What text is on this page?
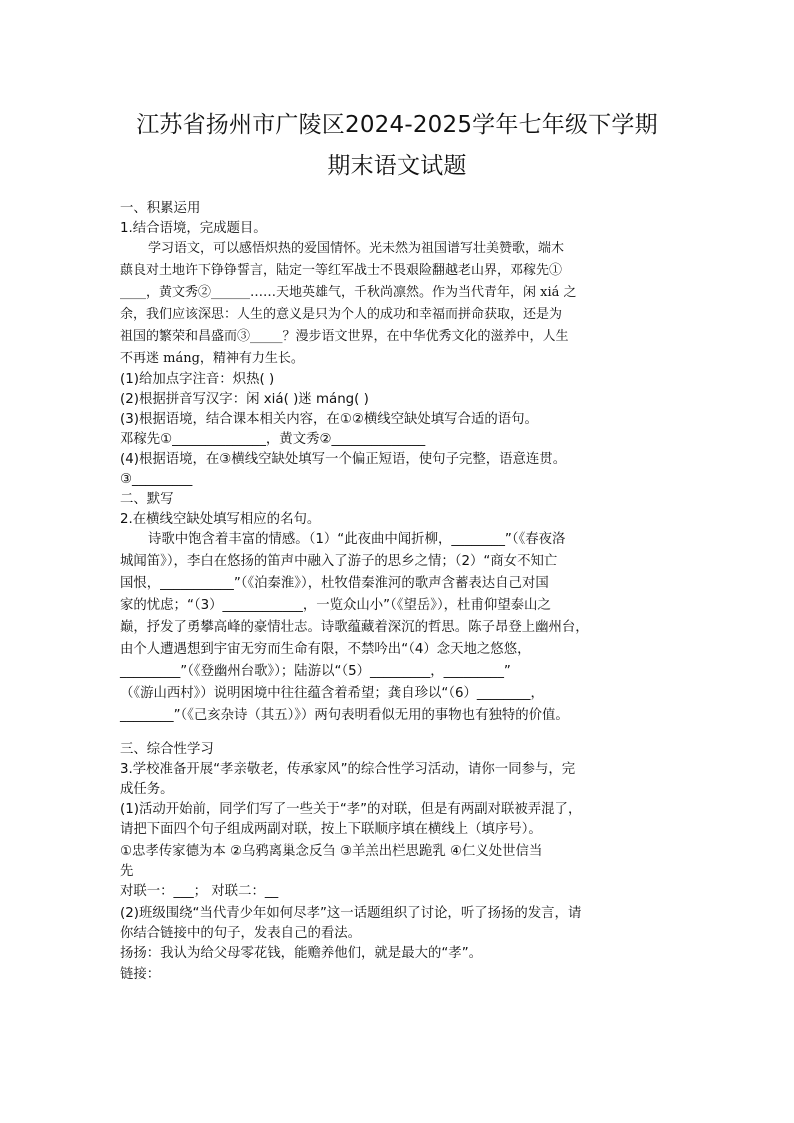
江苏省扬州市广陵区2024-2025学年七年级下学期
期末语文试题
一、积累运用
1.结合语境，完成题目。
学习语文，可以感悟炽热的爱国情怀。光未然为祖国谱写壮美赞歌，端木
蕻良对土地许下铮铮誓言，陆定一等红军战士不畏艰险翻越老山界，邓稼先①
____，黄文秀②______……天地英雄气，千秋尚凛然。作为当代青年，闲 xiá 之
余，我们应该深思：人生的意义是只为个人的成功和幸福而拼命获取，还是为
祖国的繁荣和昌盛而③_____？漫步语文世界，在中华优秀文化的滋养中，人生
不再迷 máng，精神有力生长。
(1)给加点字注音：炽热( )
(2)根据拼音写汉字：闲 xiá( )迷 máng( )
(3)根据语境，结合课本相关内容，在①②横线空缺处填写合适的语句。
邓稼先①______________，黄文秀②______________
(4)根据语境，在③横线空缺处填写一个偏正短语，使句子完整，语意连贯。
③_________
二、默写
2.在横线空缺处填写相应的名句。
诗歌中饱含着丰富的情感。（1）“此夜曲中闻折柳，________”（《春夜洛
城闻笛》），李白在悠扬的笛声中融入了游子的思乡之情；（2）“商女不知亡
国恨，___________”（《泊秦淮》），杜牧借秦淮河的歌声含蓄表达自己对国
家的忧虑；“（3）____________，一览众山小”（《望岳》），杜甫仰望泰山之
巅，抒发了勇攀高峰的豪情壮志。诗歌蕴藏着深沉的哲思。陈子昂登上幽州台，
由个人遭遇想到宇宙无穷而生命有限，不禁吟出“（4）念天地之悠悠，
_________”（《登幽州台歌》）；陆游以“（5）_________，_________”
（《游山西村》）说明困境中往往蕴含着希望；龚自珍以“（6）________，
________”（《己亥杂诗（其五）》）两句表明看似无用的事物也有独特的价值。
三、综合性学习
3.学校准备开展“孝亲敬老，传承家风”的综合性学习活动，请你一同参与，完
成任务。
(1)活动开始前，同学们写了一些关于“孝”的对联，但是有两副对联被弄混了，
请把下面四个句子组成两副对联，按上下联顺序填在横线上（填序号）。
①忠孝传家德为本 ②乌鸦离巢念反刍 ③羊羔出栏思跪乳 ④仁义处世信当
先
对联一：___； 对联二：__
(2)班级围绕“当代青少年如何尽孝”这一话题组织了讨论，听了扬扬的发言，请
你结合链接中的句子，发表自己的看法。
扬扬：我认为给父母零花钱，能赡养他们，就是最大的“孝”。
链接：
